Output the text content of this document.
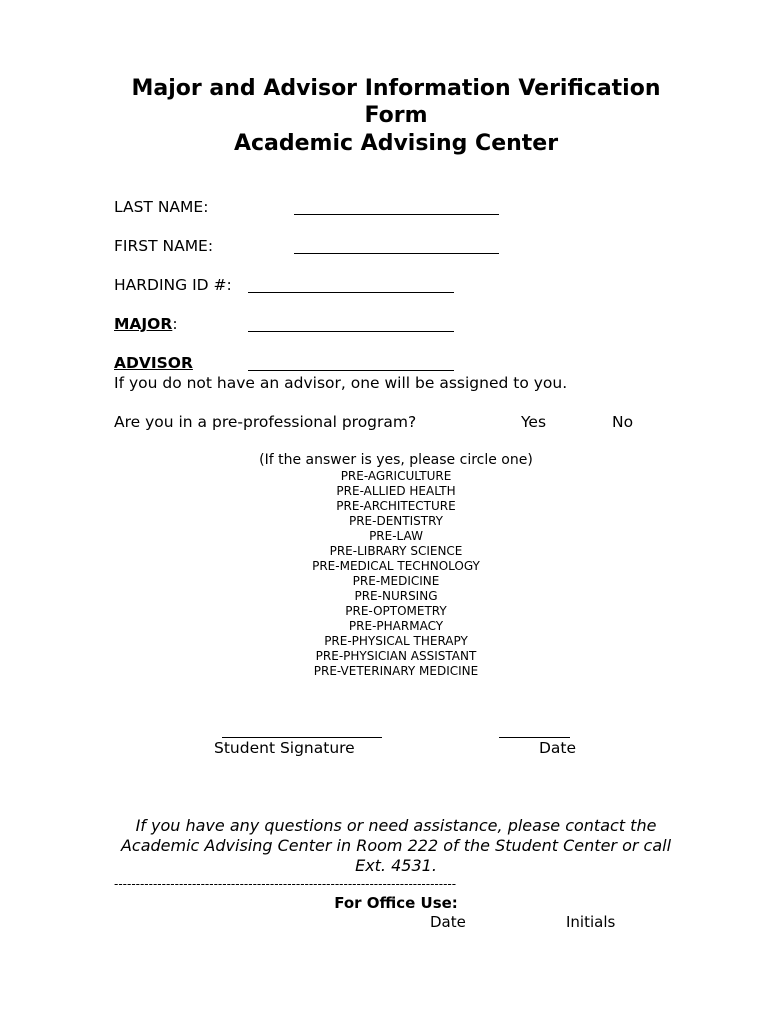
Major and Advisor Information Verification
Form
Academic Advising Center
LAST NAME:
FIRST NAME:
HARDING ID #:
MAJOR:
ADVISOR
If you do not have an advisor, one will be assigned to you.
Are you in a pre-professional program?	Yes	No
(If the answer is yes, please circle one)
PRE-AGRICULTURE
PRE-ALLIED HEALTH
PRE-ARCHITECTURE
PRE-DENTISTRY
PRE-LAW
PRE-LIBRARY SCIENCE
PRE-MEDICAL TECHNOLOGY
PRE-MEDICINE
PRE-NURSING
PRE-OPTOMETRY
PRE-PHARMACY
PRE-PHYSICAL THERAPY
PRE-PHYSICIAN ASSISTANT
PRE-VETERINARY MEDICINE
Student Signature	Date
If you have any questions or need assistance, please contact the
Academic Advising Center in Room 222 of the Student Center or call
Ext. 4531.
-------------------------------------------------------------------------------
For Office Use:
Date	Initials
